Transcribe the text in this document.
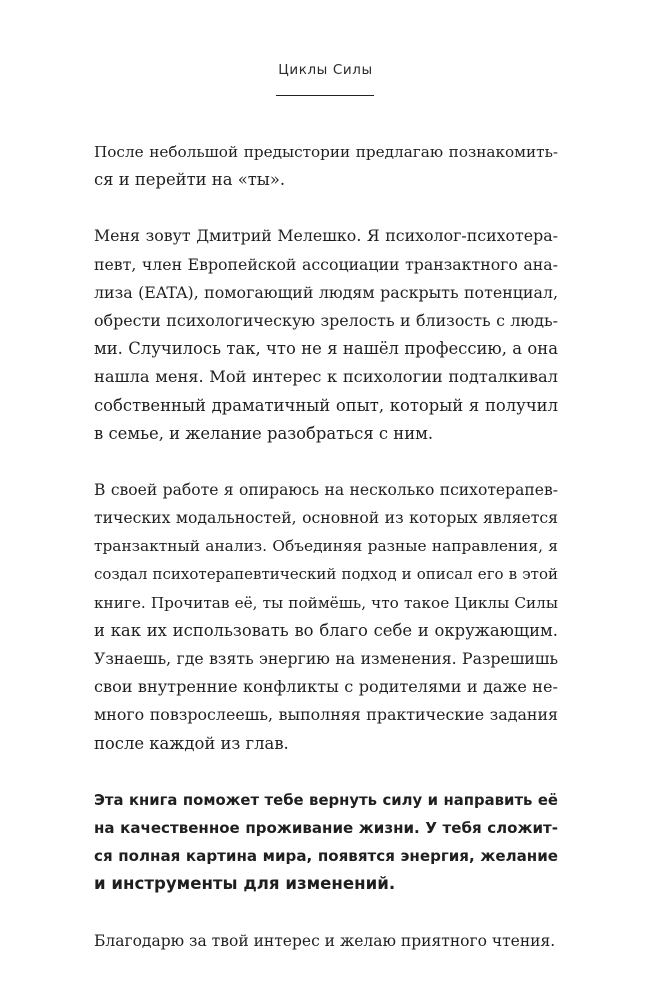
Циклы Силы
После небольшой предыстории предлагаю познакомить-
ся и перейти на «ты».
Меня зовут Дмитрий Мелешко. Я психолог-психотера-
певт, член Европейской ассоциации транзактного ана-
лиза (EATA), помогающий людям раскрыть потенциал,
обрести психологическую зрелость и близость с людь-
ми. Случилось так, что не я нашёл профессию, а она
нашла меня. Мой интерес к психологии подталкивал
собственный драматичный опыт, который я получил
в семье, и желание разобраться с ним.
В своей работе я опираюсь на несколько психотерапев-
тических модальностей, основной из которых является
транзактный анализ. Объединяя разные направления, я
создал психотерапевтический подход и описал его в этой
книге. Прочитав её, ты поймёшь, что такое Циклы Силы
и как их использовать во благо себе и окружающим.
Узнаешь, где взять энергию на изменения. Разрешишь
свои внутренние конфликты с родителями и даже не-
много повзрослеешь, выполняя практические задания
после каждой из глав.
Эта книга поможет тебе вернуть силу и направить её
на качественное проживание жизни. У тебя сложит-
ся полная картина мира, появятся энергия, желание
и инструменты для изменений.
Благодарю за твой интерес и желаю приятного чтения.
